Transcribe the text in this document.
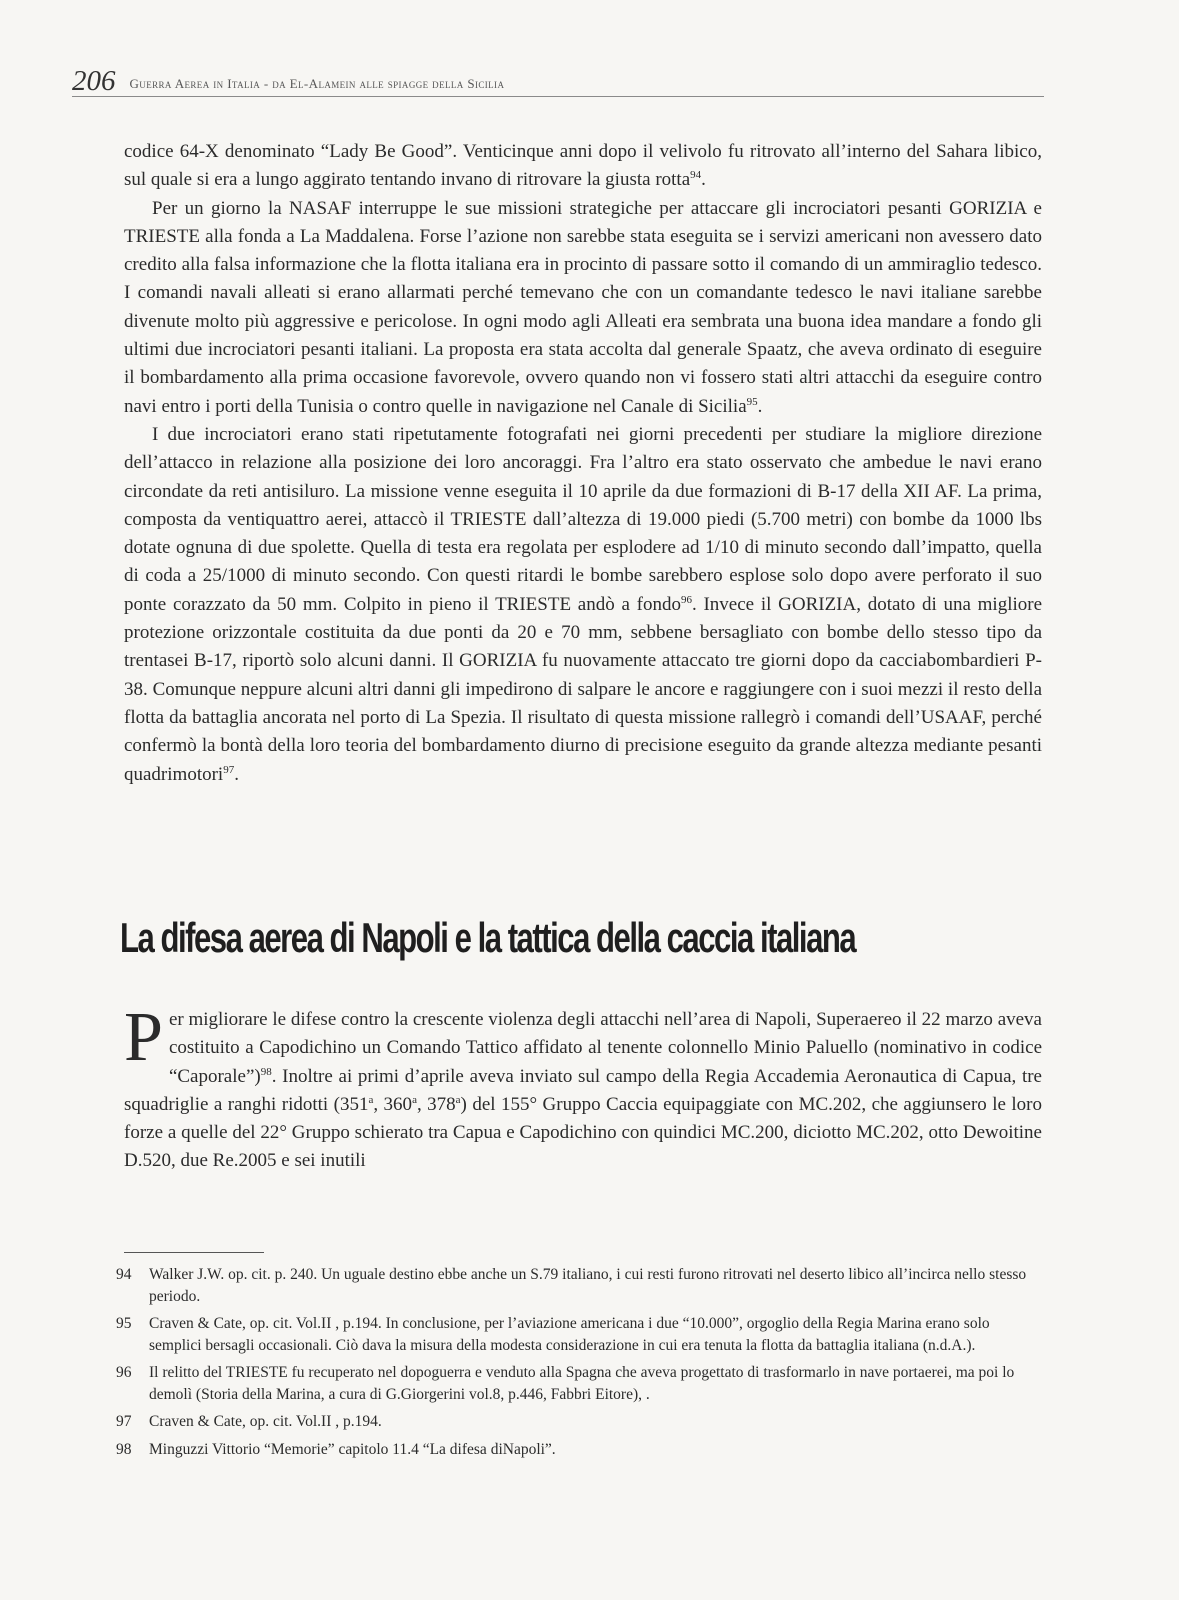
206 Guerra Aerea in Italia - da El-Alamein alle spiagge della Sicilia

codice 64-X denominato “Lady Be Good”. Venticinque anni dopo il velivolo fu ritrovato all’interno del Sahara libico, sul quale si era a lungo aggirato tentando invano di ritrovare la giusta rotta$^{94}$.

Per un giorno la NASAF interruppe le sue missioni strategiche per attaccare gli incrociatori pesanti GORIZIA e TRIESTE alla fonda a La Maddalena. Forse l’azione non sarebbe stata eseguita se i servizi americani non avessero dato credito alla falsa informazione che la flotta italiana era in procinto di passare sotto il comando di un ammiraglio tedesco. I comandi navali alleati si erano allarmati perché temevano che con un comandante tedesco le navi italiane sarebbe divenute molto più aggressive e pericolose. In ogni modo agli Alleati era sembrata una buona idea mandare a fondo gli ultimi due incrociatori pesanti italiani. La proposta era stata accolta dal generale Spaatz, che aveva ordinato di eseguire il bombardamento alla prima occasione favorevole, ovvero quando non vi fossero stati altri attacchi da eseguire contro navi entro i porti della Tunisia o contro quelle in navigazione nel Canale di Sicilia$^{95}$.

I due incrociatori erano stati ripetutamente fotografati nei giorni precedenti per studiare la migliore direzione dell’attacco in relazione alla posizione dei loro ancoraggi. Fra l’altro era stato osservato che ambedue le navi erano circondate da reti antisiluro. La missione venne eseguita il 10 aprile da due formazioni di B-17 della XII AF. La prima, composta da ventiquattro aerei, attaccò il TRIESTE dall’altezza di 19.000 piedi (5.700 metri) con bombe da 1000 lbs dotate ognuna di due spolette. Quella di testa era regolata per esplodere ad 1/10 di minuto secondo dall’impatto, quella di coda a 25/1000 di minuto secondo. Con questi ritardi le bombe sarebbero esplose solo dopo avere perforato il suo ponte corazzato da 50 mm. Colpito in pieno il TRIESTE andò a fondo$^{96}$. Invece il GORIZIA, dotato di una migliore protezione orizzontale costituita da due ponti da 20 e 70 mm, sebbene bersagliato con bombe dello stesso tipo da trentasei B-17, riportò solo alcuni danni. Il GORIZIA fu nuovamente attaccato tre giorni dopo da cacciabombardieri P-38. Comunque neppure alcuni altri danni gli impedirono di salpare le ancore e raggiungere con i suoi mezzi il resto della flotta da battaglia ancorata nel porto di La Spezia. Il risultato di questa missione rallegrò i comandi dell’USAAF, perché confermò la bontà della loro teoria del bombardamento diurno di precisione eseguito da grande altezza mediante pesanti quadrimotori$^{97}$.

La difesa aerea di Napoli e la tattica della caccia italiana

Per migliorare le difese contro la crescente violenza degli attacchi nell’area di Napoli, Superaereo il 22 marzo aveva costituito a Capodichino un Comando Tattico affidato al tenente colonnello Minio Paluello (nominativo in codice “Caporale”)$^{98}$. Inoltre ai primi d’aprile aveva inviato sul campo della Regia Accademia Aeronautica di Capua, tre squadriglie a ranghi ridotti (351$^a$, 360$^a$, 378$^a$) del 155° Gruppo Caccia equipaggiate con MC.202, che aggiunsero le loro forze a quelle del 22° Gruppo schierato tra Capua e Capodichino con quindici MC.200, diciotto MC.202, otto Dewoitine D.520, due Re.2005 e sei inutili

94	Walker J.W. op. cit. p. 240. Un uguale destino ebbe anche un S.79 italiano, i cui resti furono ritrovati nel deserto libico all’incirca nello stesso periodo.
95	Craven & Cate, op. cit. Vol.II , p.194. In conclusione, per l’aviazione americana i due “10.000”, orgoglio della Regia Marina erano solo semplici bersagli occasionali. Ciò dava la misura della modesta considerazione in cui era tenuta la flotta da battaglia italiana (n.d.A.).
96	Il relitto del TRIESTE fu recuperato nel dopoguerra e venduto alla Spagna che aveva progettato di trasformarlo in nave portaerei, ma poi lo demolì (Storia della Marina, a cura di G.Giorgerini vol.8, p.446, Fabbri Eitore), .
97	Craven & Cate, op. cit. Vol.II , p.194.
98	Minguzzi Vittorio “Memorie” capitolo 11.4 “La difesa diNapoli”.
